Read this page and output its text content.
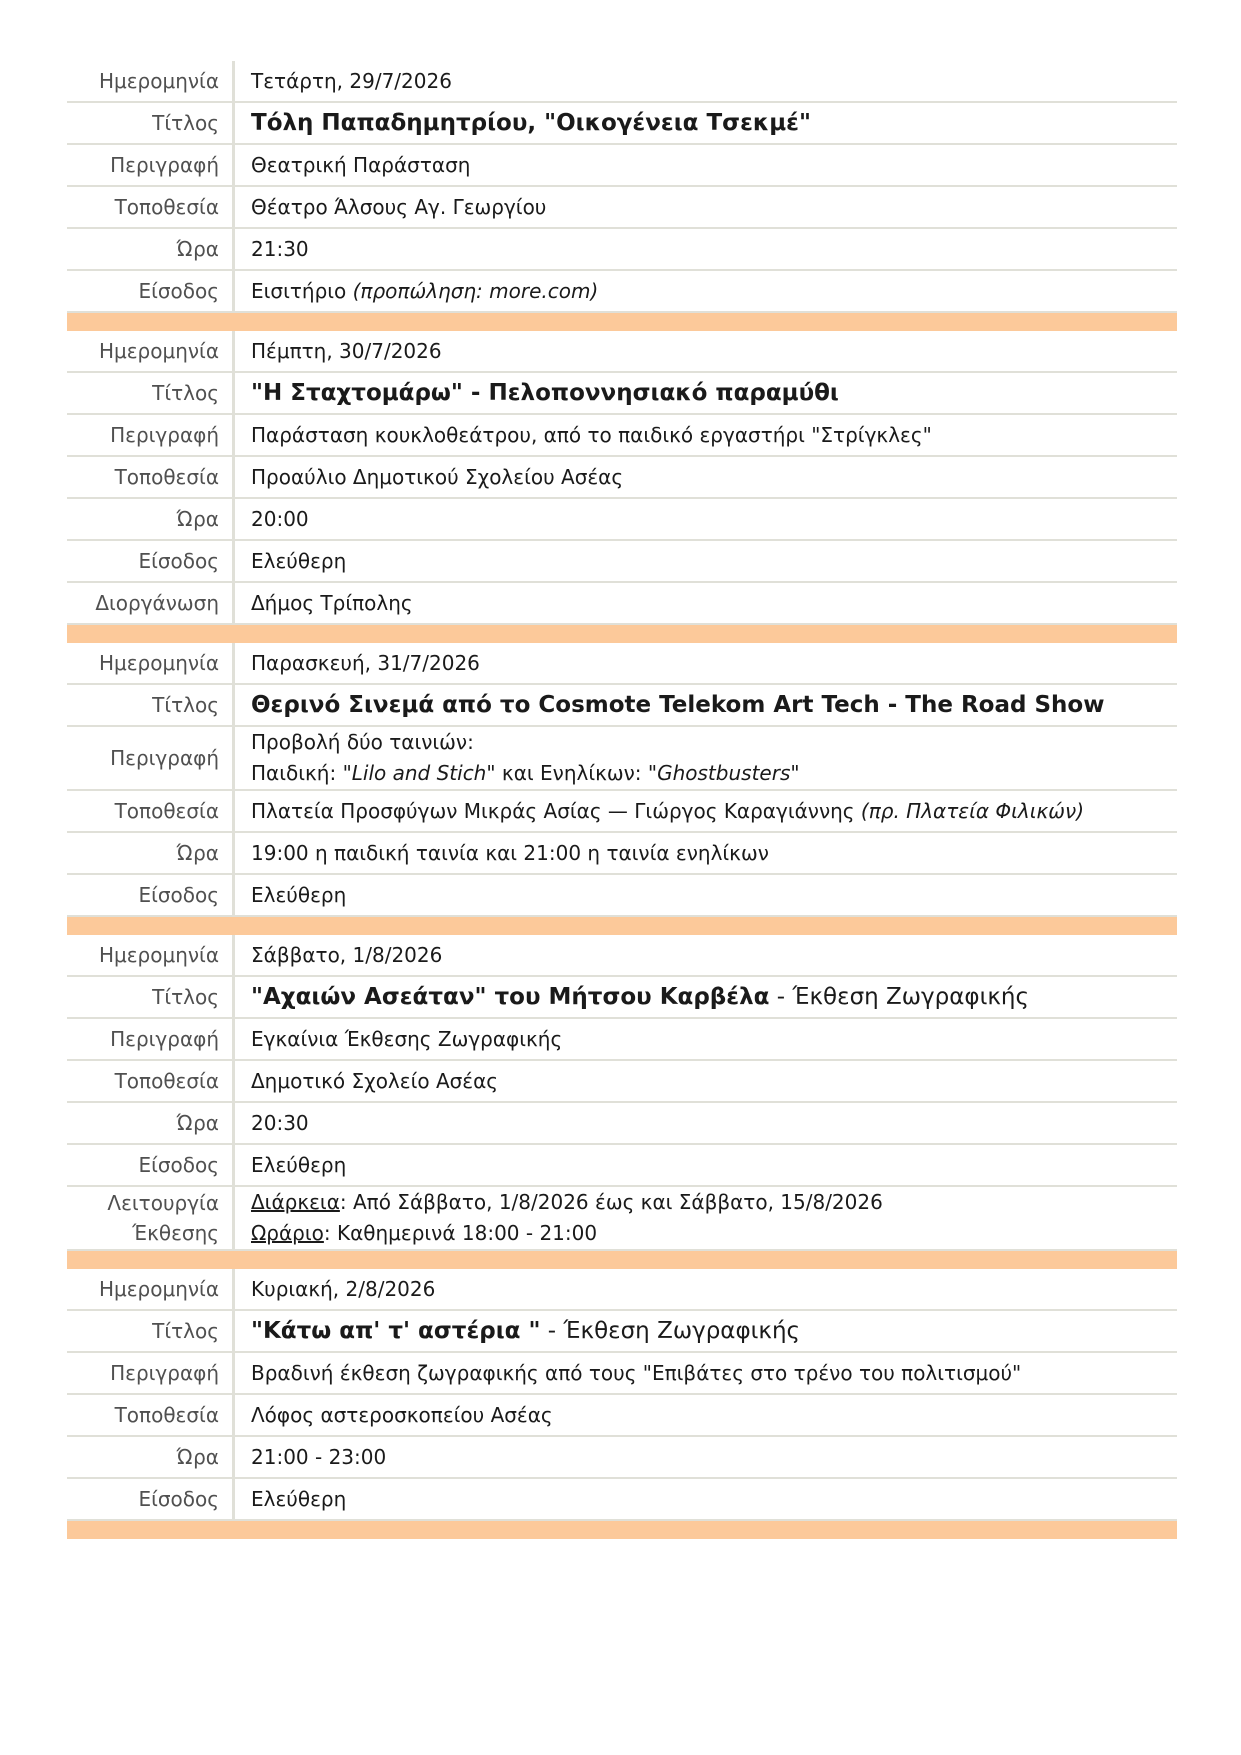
Ημερομηνία Τετάρτη, 29/7/2026
Τίτλος Τόλη Παπαδημητρίου, "Οικογένεια Τσεκμέ"
Περιγραφή Θεατρική Παράσταση
Τοποθεσία Θέατρο Άλσους Αγ. Γεωργίου
Ώρα 21:30
Είσοδος Εισιτήριο (προπώληση: more.com)
Ημερομηνία Πέμπτη, 30/7/2026
Τίτλος "Η Σταχτομάρω" - Πελοποννησιακό παραμύθι
Περιγραφή Παράσταση κουκλοθεάτρου, από το παιδικό εργαστήρι "Στρίγκλες"
Τοποθεσία Προαύλιο Δημοτικού Σχολείου Ασέας
Ώρα 20:00
Είσοδος Ελεύθερη
Διοργάνωση Δήμος Τρίπολης
Ημερομηνία Παρασκευή, 31/7/2026
Τίτλος Θερινό Σινεμά από το Cosmote Telekom Art Tech - The Road Show
Περιγραφή
Προβολή δύο ταινιών:
Παιδική: "Lilo and Stich" και Ενηλίκων: "Ghostbusters"
Τοποθεσία Πλατεία Προσφύγων Μικράς Ασίας — Γιώργος Καραγιάννης (πρ. Πλατεία Φιλικών)
Ώρα 19:00 η παιδική ταινία και 21:00 η ταινία ενηλίκων
Είσοδος Ελεύθερη
Ημερομηνία Σάββατο, 1/8/2026
Τίτλος "Αχαιών Ασεάταν" του Μήτσου Καρβέλα - Έκθεση Ζωγραφικής
Περιγραφή Εγκαίνια Έκθεσης Ζωγραφικής
Τοποθεσία Δημοτικό Σχολείο Ασέας
Ώρα 20:30
Είσοδος Ελεύθερη
Λειτουργία
Έκθεσης
Διάρκεια: Από Σάββατο, 1/8/2026 έως και Σάββατο, 15/8/2026
Ωράριο: Καθημερινά 18:00 - 21:00
Ημερομηνία Κυριακή, 2/8/2026
Τίτλος "Κάτω απ' τ' αστέρια " - Έκθεση Ζωγραφικής
Περιγραφή Βραδινή έκθεση ζωγραφικής από τους "Επιβάτες στο τρένο του πολιτισμού"
Τοποθεσία Λόφος αστεροσκοπείου Ασέας
Ώρα 21:00 - 23:00
Είσοδος Ελεύθερη
